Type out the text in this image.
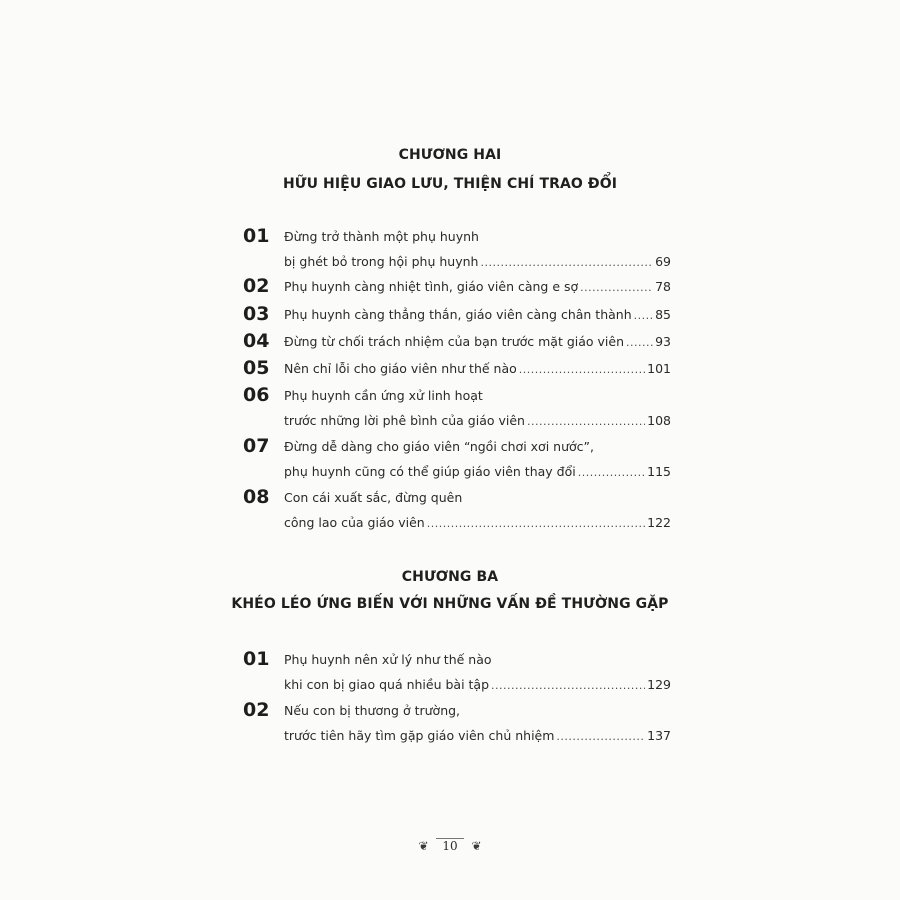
CHƯƠNG HAI
HỮU HIỆU GIAO LƯU, THIỆN CHÍ TRAO ĐỔI
01 Đừng trở thành một phụ huynh
bị ghét bỏ trong hội phụ huynh .....	69
02 Phụ huynh càng nhiệt tình, giáo viên càng e sợ .....	78
03 Phụ huynh càng thẳng thắn, giáo viên càng chân thành ..... 85
04 Đừng từ chối trách nhiệm của bạn trước mặt giáo viên ..... 93
05 Nên chỉ lỗi cho giáo viên như thế nào .....	101
06 Phụ huynh cần ứng xử linh hoạt
trước những lời phê bình của giáo viên .....	108
07 Đừng dễ dàng cho giáo viên “ngồi chơi xơi nước”,
phụ huynh cũng có thể giúp giáo viên thay đổi .....	115
08 Con cái xuất sắc, đừng quên
công lao của giáo viên .....	122
CHƯƠNG BA
KHÉO LÉO ỨNG BIẾN VỚI NHỮNG VẤN ĐỀ THƯỜNG GẶP
01 Phụ huynh nên xử lý như thế nào
khi con bị giao quá nhiều bài tập .....	129
02 Nếu con bị thương ở trường,
trước tiên hãy tìm gặp giáo viên chủ nhiệm .....	137
❦ 10 ❦
